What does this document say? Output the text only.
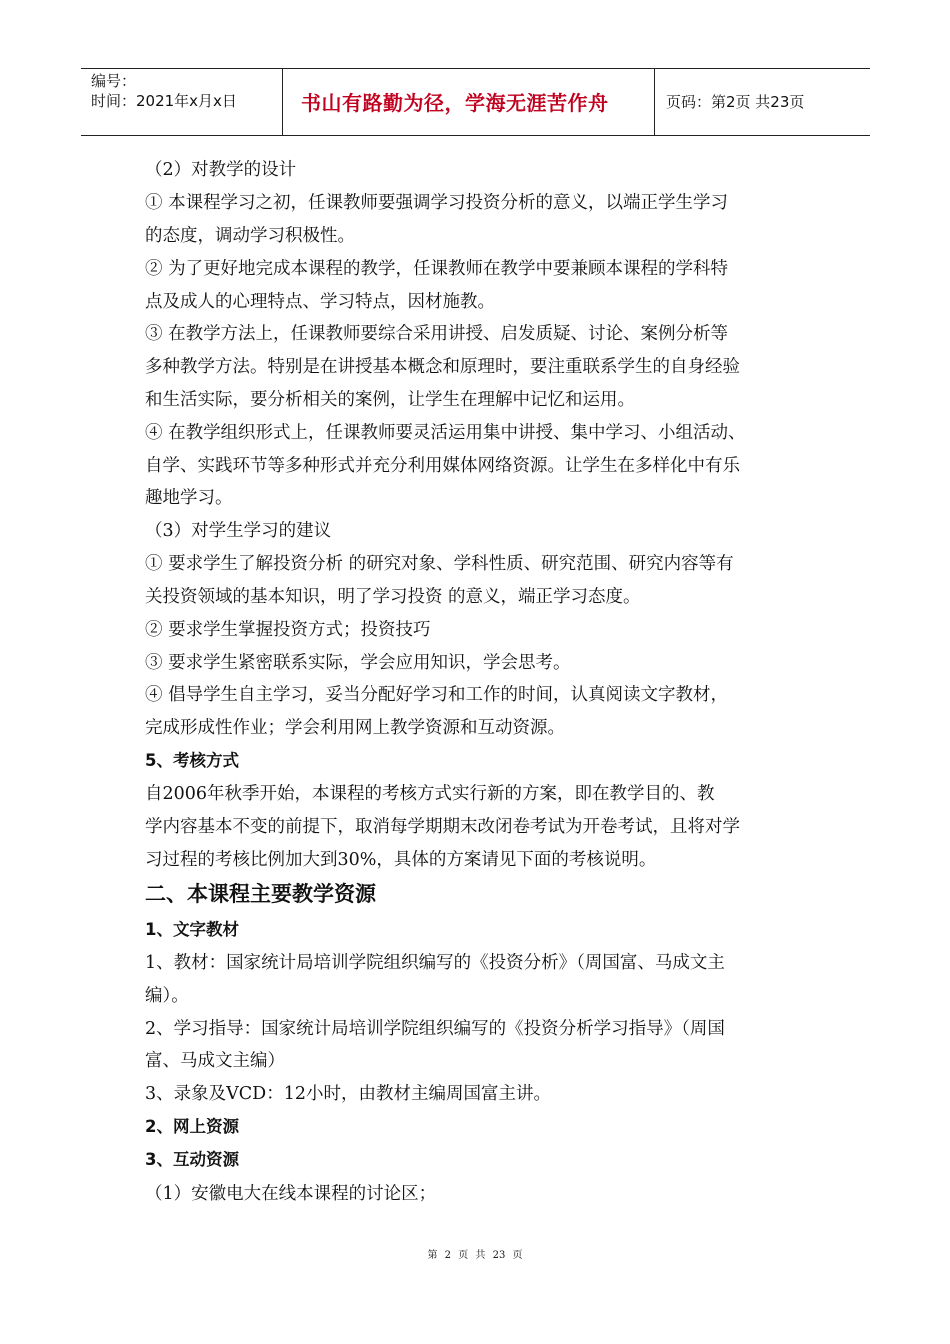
编号：
时间：2021年x月x日	书山有路勤为径，学海无涯苦作舟	页码：第2页 共23页
（2）对教学的设计
① 本课程学习之初，任课教师要强调学习投资分析的意义，以端正学生学习
的态度，调动学习积极性。
② 为了更好地完成本课程的教学，任课教师在教学中要兼顾本课程的学科特
点及成人的心理特点、学习特点，因材施教。
③ 在教学方法上，任课教师要综合采用讲授、启发质疑、讨论、案例分析等
多种教学方法。特别是在讲授基本概念和原理时，要注重联系学生的自身经验
和生活实际，要分析相关的案例，让学生在理解中记忆和运用。
④ 在教学组织形式上，任课教师要灵活运用集中讲授、集中学习、小组活动、
自学、实践环节等多种形式并充分利用媒体网络资源。让学生在多样化中有乐
趣地学习。
（3）对学生学习的建议
① 要求学生了解投资分析 的研究对象、学科性质、研究范围、研究内容等有
关投资领域的基本知识，明了学习投资 的意义，端正学习态度。
② 要求学生掌握投资方式；投资技巧
③ 要求学生紧密联系实际，学会应用知识，学会思考。
④ 倡导学生自主学习，妥当分配好学习和工作的时间，认真阅读文字教材，
完成形成性作业；学会利用网上教学资源和互动资源。
5、考核方式
自2006年秋季开始，本课程的考核方式实行新的方案，即在教学目的、教
学内容基本不变的前提下，取消每学期期末改闭卷考试为开卷考试，且将对学
习过程的考核比例加大到30%，具体的方案请见下面的考核说明。
二、本课程主要教学资源
1、文字教材
1、教材：国家统计局培训学院组织编写的《投资分析》（周国富、马成文主
编）。
2、学习指导：国家统计局培训学院组织编写的《投资分析学习指导》（周国
富、马成文主编）
3、录象及VCD：12小时，由教材主编周国富主讲。
2、网上资源
3、互动资源
（1）安徽电大在线本课程的讨论区；
第 2 页 共 23 页
